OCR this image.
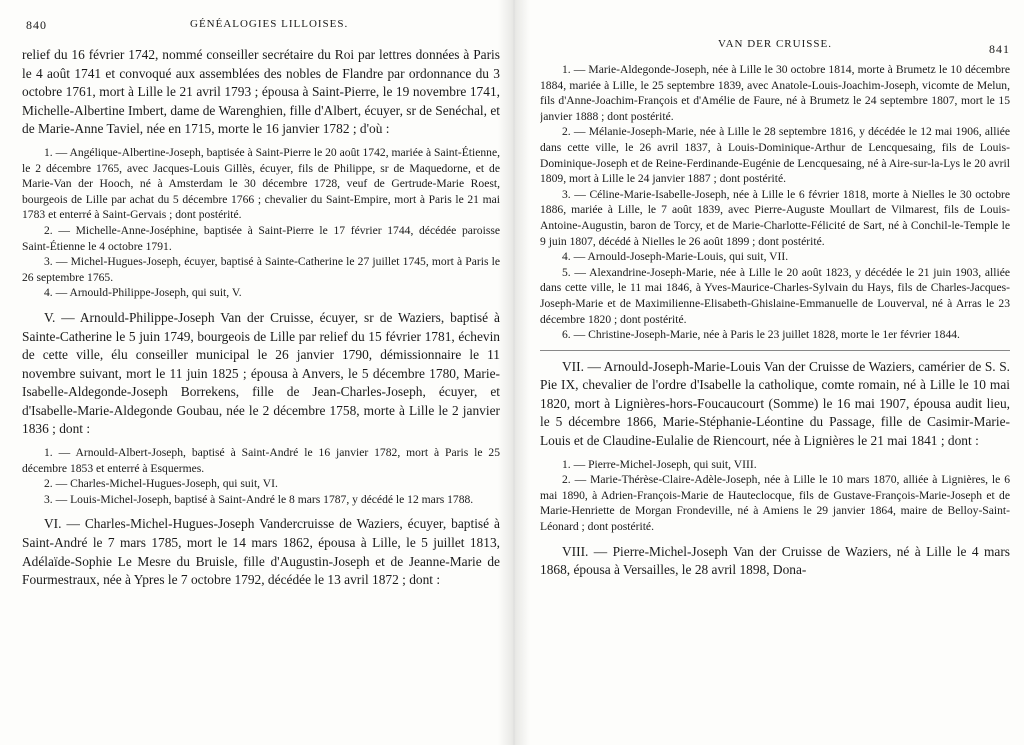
840	GÉNÉALOGIES LILLOISES.

relief du 16 février 1742, nommé conseiller secrétaire du Roi par lettres données à Paris le 4 août 1741 et convoqué aux assemblées des nobles de Flandre par ordonnance du 3 octobre 1761, mort à Lille le 21 avril 1793 ; épousa à Saint-Pierre, le 19 novembre 1741, Michelle-Albertine Imbert, dame de Warenghien, fille d'Albert, écuyer, sr de Senéchal, et de Marie-Anne Taviel, née en 1715, morte le 16 janvier 1782 ; d'où :

1. — Angélique-Albertine-Joseph, baptisée à Saint-Pierre le 20 août 1742, mariée à Saint-Étienne, le 2 décembre 1765, avec Jacques-Louis Gillès, écuyer, fils de Philippe, sr de Maquedorne, et de Marie-Van der Hooch, né à Amsterdam le 30 décembre 1728, veuf de Gertrude-Marie Roest, bourgeois de Lille par achat du 5 décembre 1766 ; chevalier du Saint-Empire, mort à Paris le 21 mai 1783 et enterré à Saint-Gervais ; dont postérité.

2. — Michelle-Anne-Joséphine, baptisée à Saint-Pierre le 17 février 1744, décédée paroisse Saint-Étienne le 4 octobre 1791.

3. — Michel-Hugues-Joseph, écuyer, baptisé à Sainte-Catherine le 27 juillet 1745, mort à Paris le 26 septembre 1765.

4. — Arnould-Philippe-Joseph, qui suit, V.

V. — Arnould-Philippe-Joseph Van der Cruisse, écuyer, sr de Waziers, baptisé à Sainte-Catherine le 5 juin 1749, bourgeois de Lille par relief du 15 février 1781, échevin de cette ville, élu conseiller municipal le 26 janvier 1790, démissionnaire le 11 novembre suivant, mort le 11 juin 1825 ; épousa à Anvers, le 5 décembre 1780, Marie-Isabelle-Aldegonde-Joseph Borrekens, fille de Jean-Charles-Joseph, écuyer, et d'Isabelle-Marie-Aldegonde Goubau, née le 2 décembre 1758, morte à Lille le 2 janvier 1836 ; dont :

1. — Arnould-Albert-Joseph, baptisé à Saint-André le 16 janvier 1782, mort à Paris le 25 décembre 1853 et enterré à Esquermes.

2. — Charles-Michel-Hugues-Joseph, qui suit, VI.

3. — Louis-Michel-Joseph, baptisé à Saint-André le 8 mars 1787, y décédé le 12 mars 1788.

VI. — Charles-Michel-Hugues-Joseph Vandercruisse de Waziers, écuyer, baptisé à Saint-André le 7 mars 1785, mort le 14 mars 1862, épousa à Lille, le 5 juillet 1813, Adélaïde-Sophie Le Mesre du Bruisle, fille d'Augustin-Joseph et de Jeanne-Marie de Fourmestraux, née à Ypres le 7 octobre 1792, décédée le 13 avril 1872 ; dont :

VAN DER CRUISSE.	841

1. — Marie-Aldegonde-Joseph, née à Lille le 30 octobre 1814, morte à Brumetz le 10 décembre 1884, mariée à Lille, le 25 septembre 1839, avec Anatole-Louis-Joachim-Joseph, vicomte de Melun, fils d'Anne-Joachim-François et d'Amélie de Faure, né à Brumetz le 24 septembre 1807, mort le 15 janvier 1888 ; dont postérité.

2. — Mélanie-Joseph-Marie, née à Lille le 28 septembre 1816, y décédée le 12 mai 1906, alliée dans cette ville, le 26 avril 1837, à Louis-Dominique-Arthur de Lencquesaing, fils de Louis-Dominique-Joseph et de Reine-Ferdinande-Eugénie de Lencquesaing, né à Aire-sur-la-Lys le 20 avril 1809, mort à Lille le 24 janvier 1887 ; dont postérité.

3. — Céline-Marie-Isabelle-Joseph, née à Lille le 6 février 1818, morte à Nielles le 30 octobre 1886, mariée à Lille, le 7 août 1839, avec Pierre-Auguste Moullart de Vilmarest, fils de Louis-Antoine-Augustin, baron de Torcy, et de Marie-Charlotte-Félicité de Sart, né à Conchil-le-Temple le 9 juin 1807, décédé à Nielles le 26 août 1899 ; dont postérité.

4. — Arnould-Joseph-Marie-Louis, qui suit, VII.

5. — Alexandrine-Joseph-Marie, née à Lille le 20 août 1823, y décédée le 21 juin 1903, alliée dans cette ville, le 11 mai 1846, à Yves-Maurice-Charles-Sylvain du Hays, fils de Charles-Jacques-Joseph-Marie et de Maximilienne-Elisabeth-Ghislaine-Emmanuelle de Louverval, né à Arras le 23 décembre 1820 ; dont postérité.

6. — Christine-Joseph-Marie, née à Paris le 23 juillet 1828, morte le 1er février 1844.

VII. — Arnould-Joseph-Marie-Louis Van der Cruisse de Waziers, camérier de S. S. Pie IX, chevalier de l'ordre d'Isabelle la catholique, comte romain, né à Lille le 10 mai 1820, mort à Lignières-hors-Foucaucourt (Somme) le 16 mai 1907, épousa audit lieu, le 5 décembre 1866, Marie-Stéphanie-Léontine du Passage, fille de Casimir-Marie-Louis et de Claudine-Eulalie de Riencourt, née à Lignières le 21 mai 1841 ; dont :

1. — Pierre-Michel-Joseph, qui suit, VIII.

2. — Marie-Thérèse-Claire-Adèle-Joseph, née à Lille le 10 mars 1870, alliée à Lignières, le 6 mai 1890, à Adrien-François-Marie de Hauteclocque, fils de Gustave-François-Marie-Joseph et de Marie-Henriette de Morgan Frondeville, né à Amiens le 29 janvier 1864, maire de Belloy-Saint-Léonard ; dont postérité.

VIII. — Pierre-Michel-Joseph Van der Cruisse de Waziers, né à Lille le 4 mars 1868, épousa à Versailles, le 28 avril 1898, Dona-
